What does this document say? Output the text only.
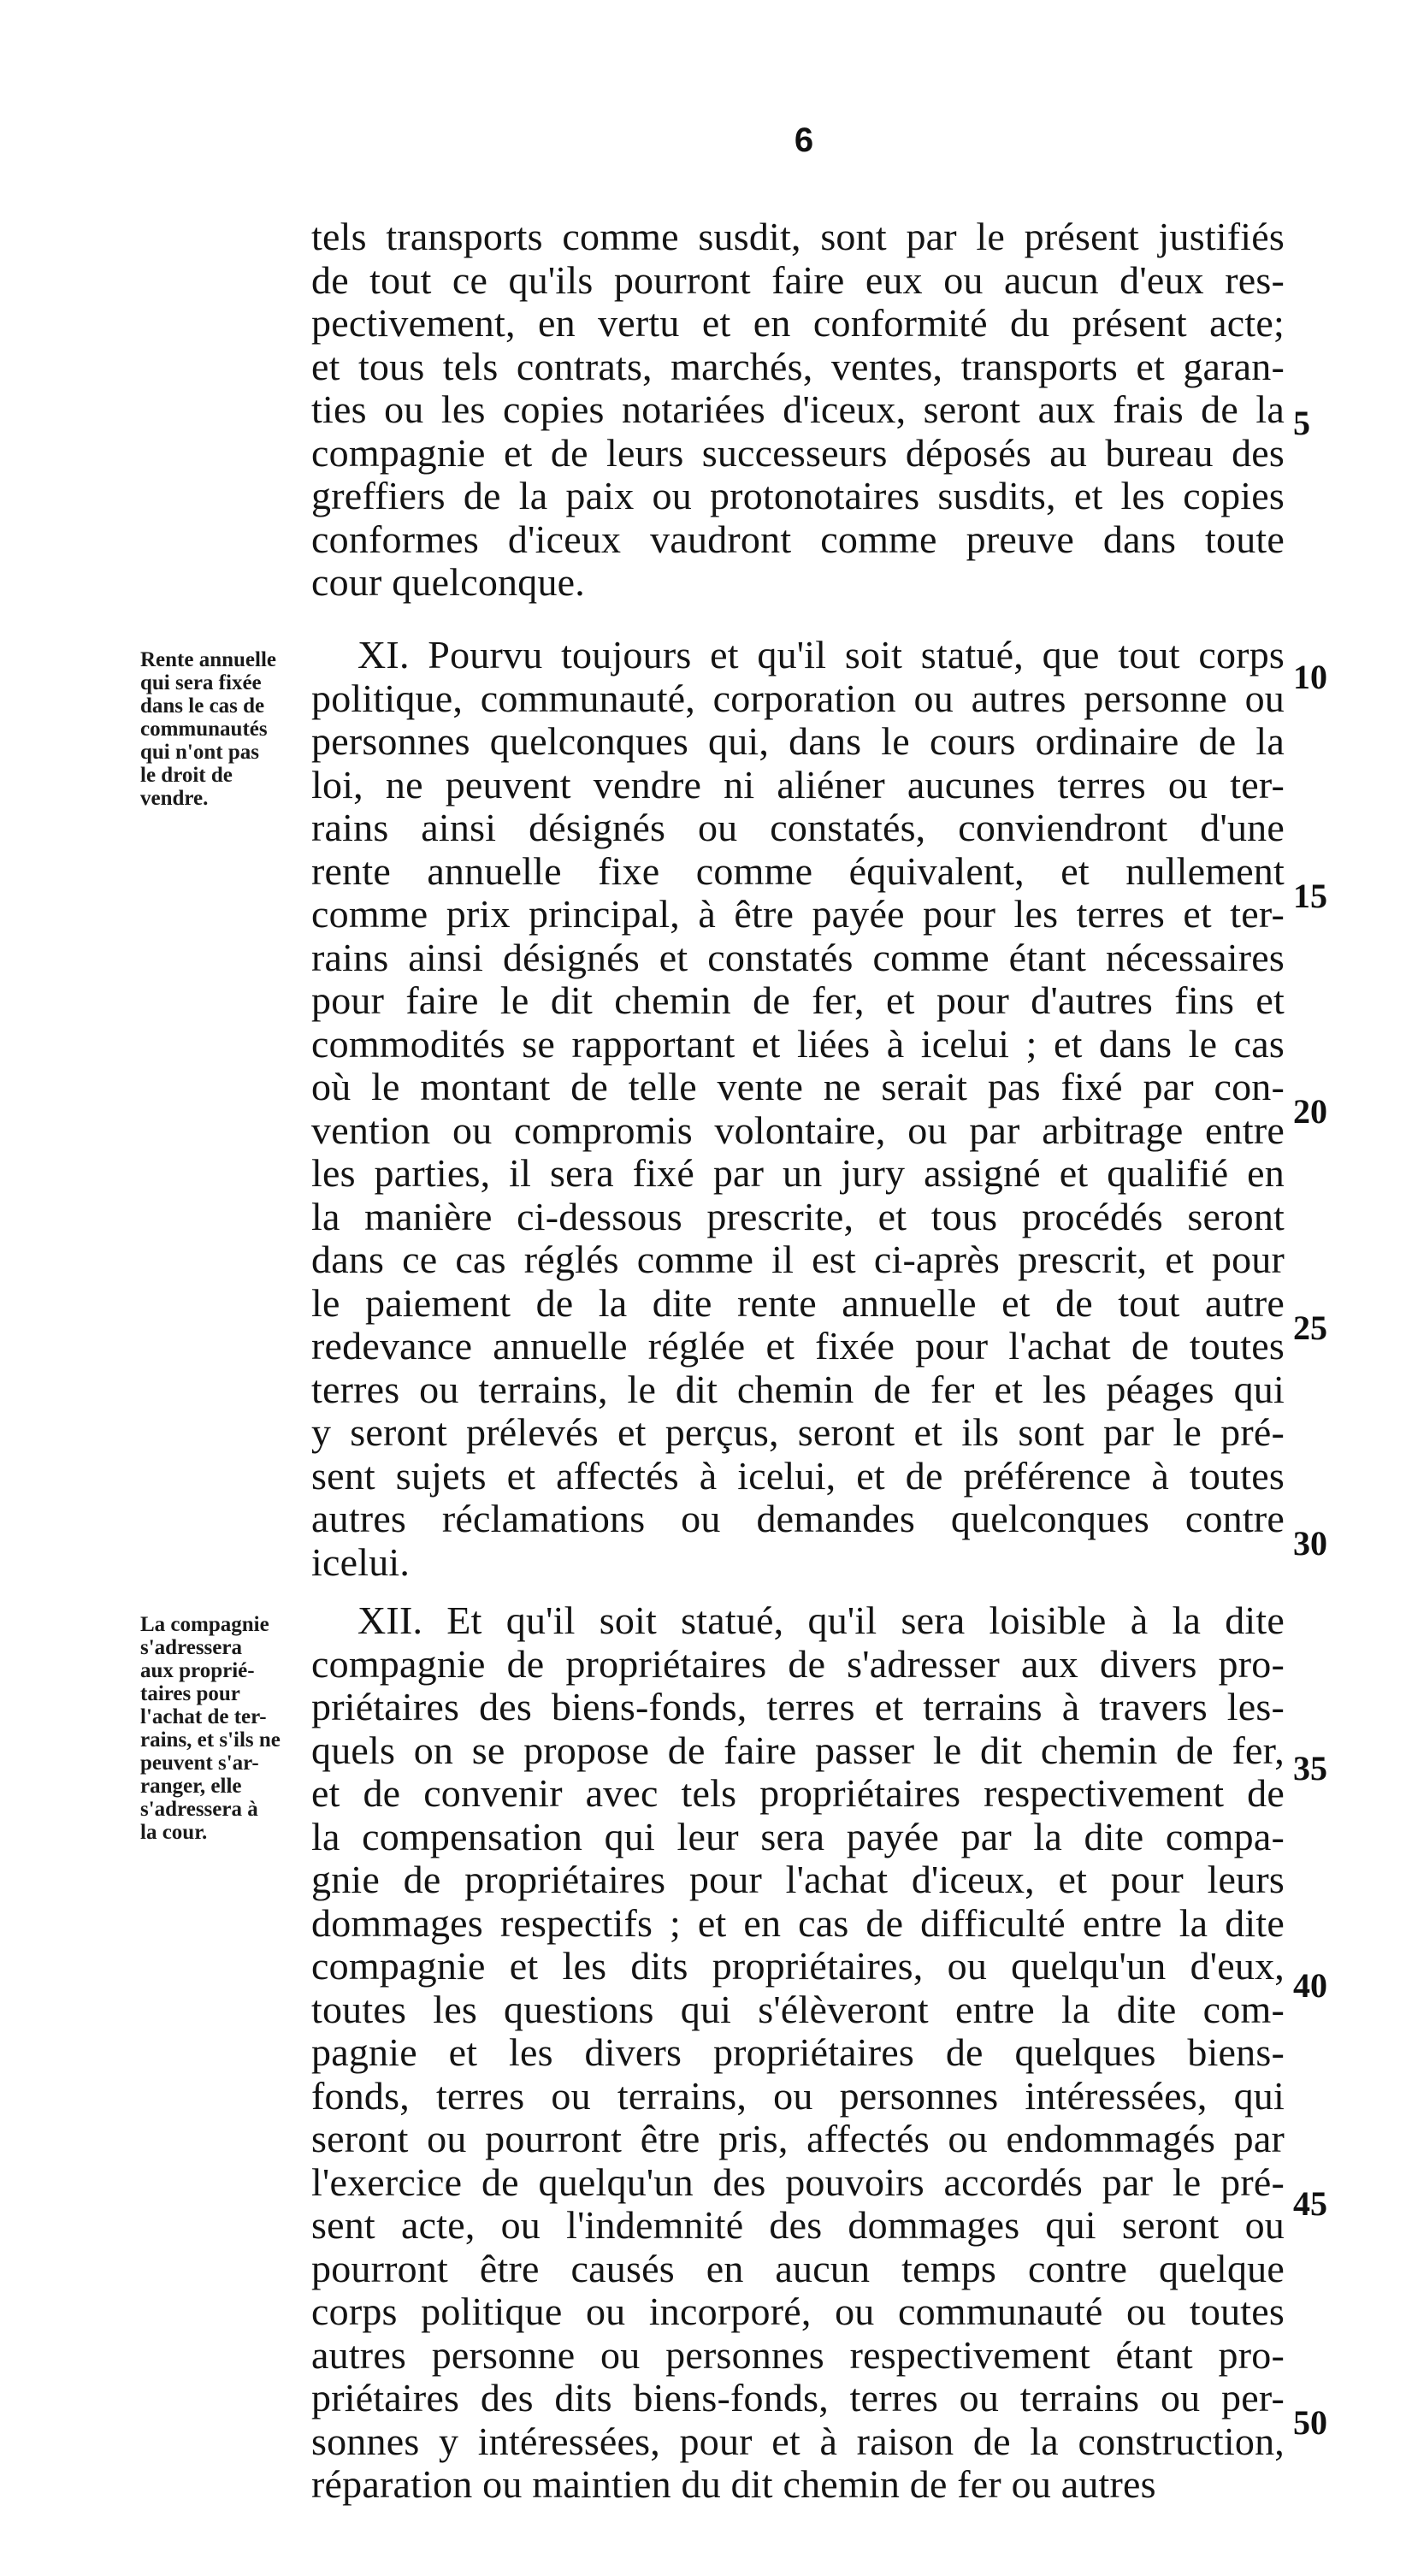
6
tels transports comme susdit, sont par le présent justifiés
de tout ce qu'ils pourront faire eux ou aucun d'eux res-
pectivement, en vertu et en conformité du présent acte;
et tous tels contrats, marchés, ventes, transports et garan-
ties ou les copies notariées d'iceux, seront aux frais de la
compagnie et de leurs successeurs déposés au bureau des
greffiers de la paix ou protonotaires susdits, et les copies
conformes d'iceux vaudront comme preuve dans toute
cour quelconque.
XI. Pourvu toujours et qu'il soit statué, que tout corps
politique, communauté, corporation ou autres personne ou
personnes quelconques qui, dans le cours ordinaire de la
loi, ne peuvent vendre ni aliéner aucunes terres ou ter-
rains ainsi désignés ou constatés, conviendront d'une
rente annuelle fixe comme équivalent, et nullement
comme prix principal, à être payée pour les terres et ter-
rains ainsi désignés et constatés comme étant nécessaires
pour faire le dit chemin de fer, et pour d'autres fins et
commodités se rapportant et liées à icelui ; et dans le cas
où le montant de telle vente ne serait pas fixé par con-
vention ou compromis volontaire, ou par arbitrage entre
les parties, il sera fixé par un jury assigné et qualifié en
la manière ci-dessous prescrite, et tous procédés seront
dans ce cas réglés comme il est ci-après prescrit, et pour
le paiement de la dite rente annuelle et de tout autre
redevance annuelle réglée et fixée pour l'achat de toutes
terres ou terrains, le dit chemin de fer et les péages qui
y seront prélevés et perçus, seront et ils sont par le pré-
sent sujets et affectés à icelui, et de préférence à toutes
autres réclamations ou demandes quelconques contre
icelui.
XII. Et qu'il soit statué, qu'il sera loisible à la dite
compagnie de propriétaires de s'adresser aux divers pro-
priétaires des biens-fonds, terres et terrains à travers les-
quels on se propose de faire passer le dit chemin de fer,
et de convenir avec tels propriétaires respectivement de
la compensation qui leur sera payée par la dite compa-
gnie de propriétaires pour l'achat d'iceux, et pour leurs
dommages respectifs ; et en cas de difficulté entre la dite
compagnie et les dits propriétaires, ou quelqu'un d'eux,
toutes les questions qui s'élèveront entre la dite com-
pagnie et les divers propriétaires de quelques biens-
fonds, terres ou terrains, ou personnes intéressées, qui
seront ou pourront être pris, affectés ou endommagés par
l'exercice de quelqu'un des pouvoirs accordés par le pré-
sent acte, ou l'indemnité des dommages qui seront ou
pourront être causés en aucun temps contre quelque
corps politique ou incorporé, ou communauté ou toutes
autres personne ou personnes respectivement étant pro-
priétaires des dits biens-fonds, terres ou terrains ou per-
sonnes y intéressées, pour et à raison de la construction,
réparation ou maintien du dit chemin de fer ou autres
5
10
15
20
25
30
35
40
45
50
Rente annuelle
qui sera fixée
dans le cas de
communautés
qui n'ont pas
le droit de
vendre.
La compagnie
s'adressera
aux proprié-
taires pour
l'achat de ter-
rains, et s'ils ne
peuvent s'ar-
ranger, elle
s'adressera à
la cour.
